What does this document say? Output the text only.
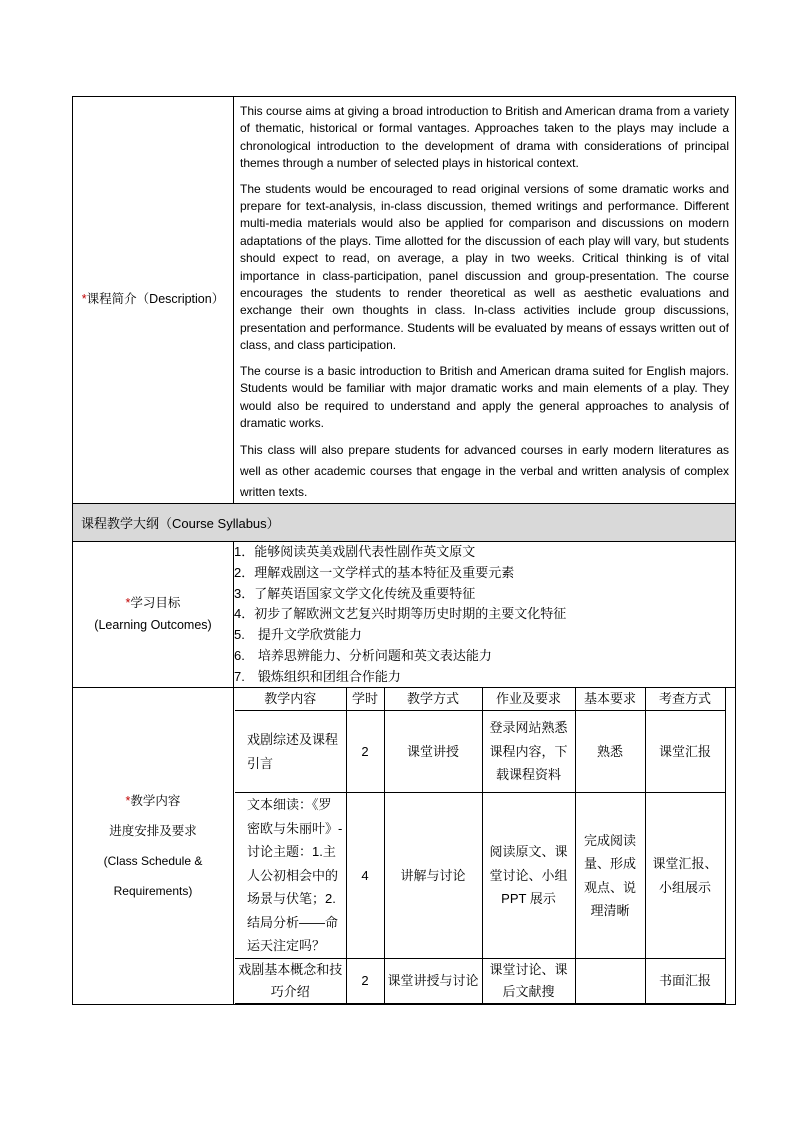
*课程简介（Description）	

This course aims at giving a broad introduction to British and American drama from a variety of thematic, historical or formal vantages. Approaches taken to the plays may include a chronological introduction to the development of drama with considerations of principal themes through a number of selected plays in historical context.

The students would be encouraged to read original versions of some dramatic works and prepare for text-analysis, in-class discussion, themed writings and performance. Different multi-media materials would also be applied for comparison and discussions on modern adaptations of the plays. Time allotted for the discussion of each play will vary, but students should expect to read, on average, a play in two weeks. Critical thinking is of vital importance in class-participation, panel discussion and group-presentation. The course encourages the students to render theoretical as well as aesthetic evaluations and exchange their own thoughts in class. In-class activities include group discussions, presentation and performance. Students will be evaluated by means of essays written out of class, and class participation.

The course is a basic introduction to British and American drama suited for English majors. Students would be familiar with major dramatic works and main elements of a play. They would also be required to understand and apply the general approaches to analysis of dramatic works.

This class will also prepare students for advanced courses in early modern literatures as well as other academic courses that engage in the verbal and written analysis of complex written texts.

课程教学大纲（Course Syllabus）

*学习目标
(Learning Outcomes)

1．能够阅读英美戏剧代表性剧作英文原文
2．理解戏剧这一文学样式的基本特征及重要元素
3．了解英语国家文学文化传统及重要特征
4．初步了解欧洲文艺复兴时期等历史时期的主要文化特征
5.　提升文学欣赏能力
6.　培养思辨能力、分析问题和英文表达能力
7.　锻炼组织和团组合作能力

*教学内容
进度安排及要求
(Class Schedule &
Requirements)

教学内容	学时	教学方式	作业及要求	基本要求	考查方式
戏剧综述及课程引言	2	课堂讲授	登录网站熟悉课程内容，下载课程资料	熟悉	课堂汇报
文本细读：《罗密欧与朱丽叶》-讨论主题：1.主人公初相会中的场景与伏笔；2. 结局分析——命运天注定吗？	4	讲解与讨论	阅读原文、课堂讨论、小组 PPT 展示	完成阅读量、形成观点、说理清晰	课堂汇报、小组展示
戏剧基本概念和技巧介绍	2	课堂讲授与讨论	课堂讨论、课后文献搜		书面汇报
